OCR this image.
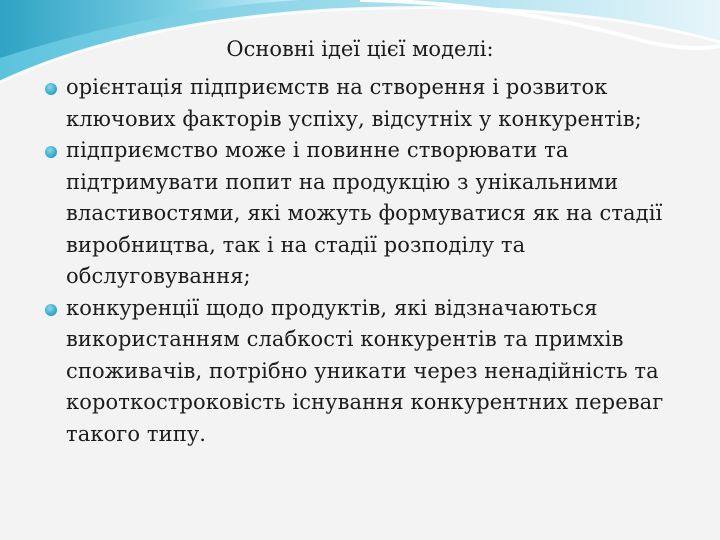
Основні ідеї цієї моделі:
орієнтація підприємств на створення і розвиток ключових факторів успіху, відсутніх у конкурентів;
підприємство може і повинне створювати та підтримувати попит на продукцію з унікальними властивостями, які можуть формуватися як на стадії виробництва, так і на стадії розподілу та обслуговування;
конкуренції щодо продуктів, які відзначаються використанням слабкості конкурентів та примхів споживачів, потрібно уникати через ненадійність та короткостроковість існування конкурентних переваг такого типу.
